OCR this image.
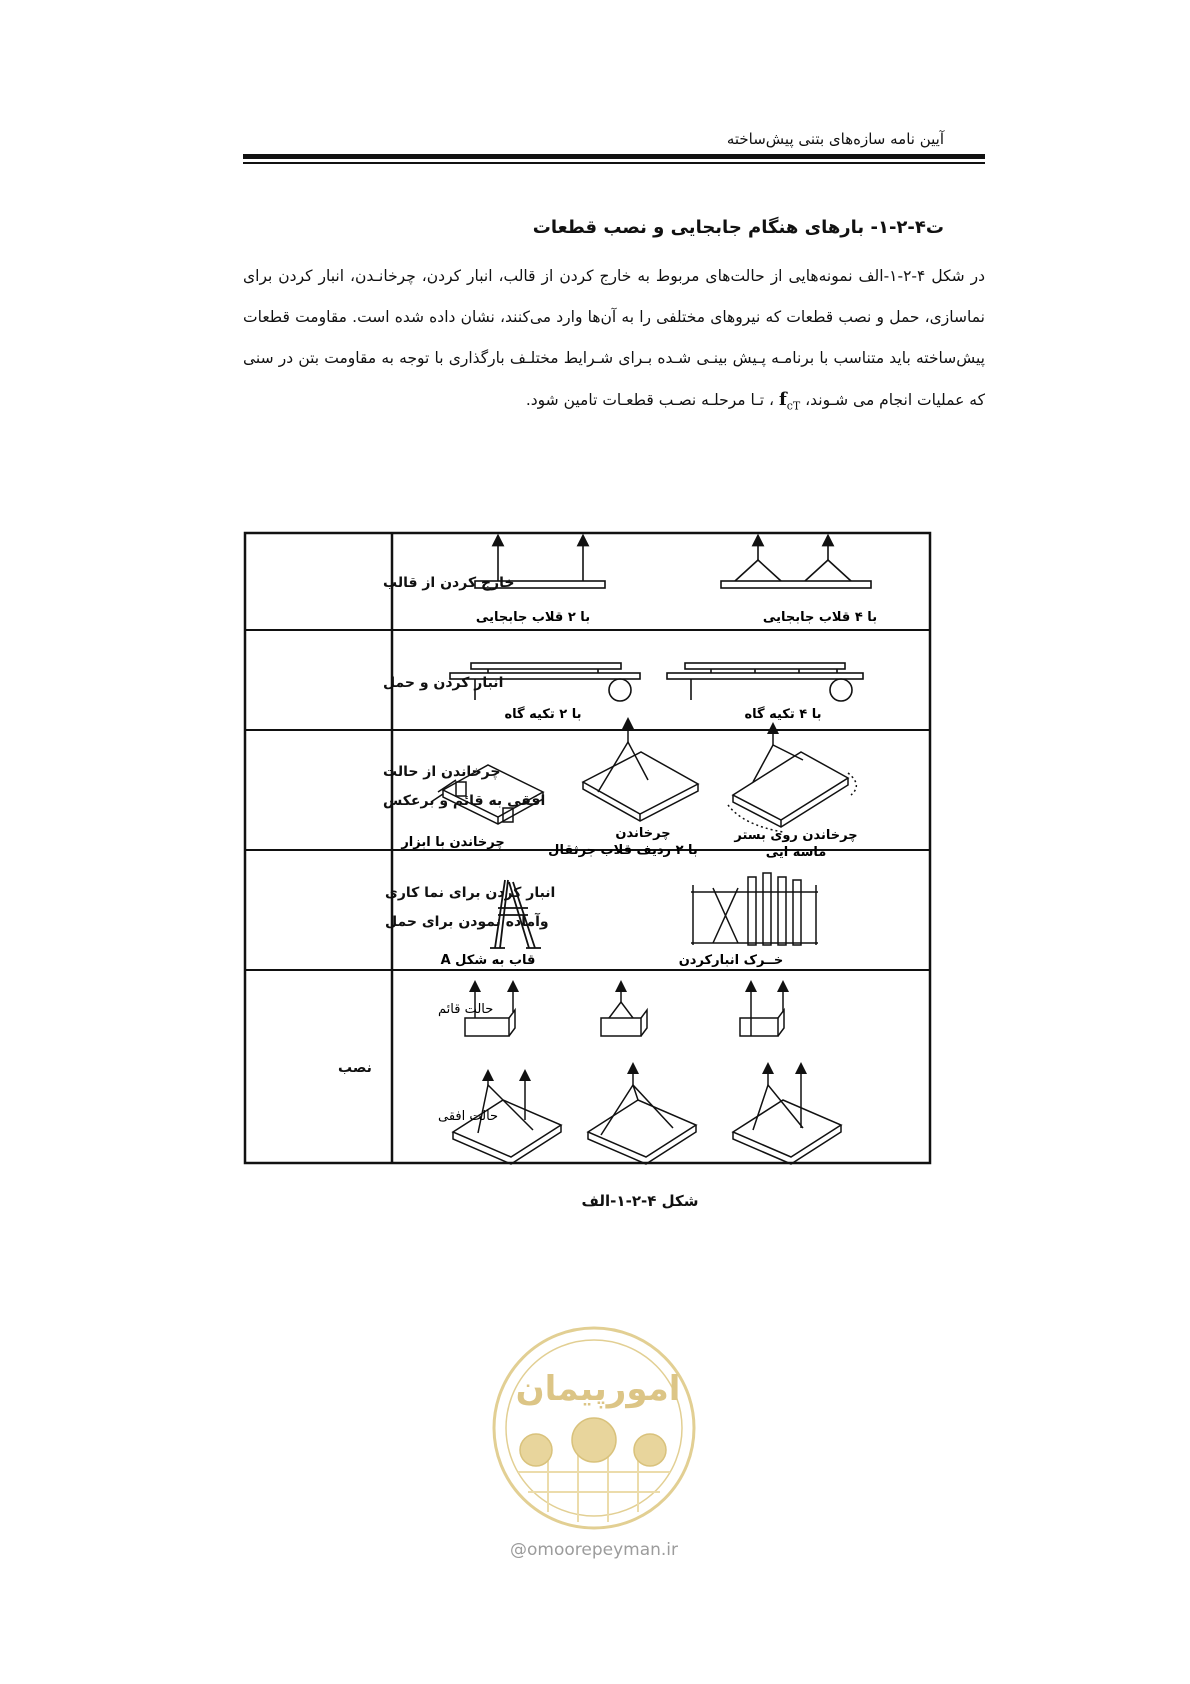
آیین نامه سازه‌های بتنی پیش‌ساخته
ت۴-۲-۱- بارهای هنگام جابجایی و نصب قطعات

در شکل ۴-۲-۱-الف نمونه‌هایی از حالت‌های مربوط به خارج کردن از قالب، انبار کردن، چرخانـدن، انبار کردن برای نماسازی، حمل و نصب قطعات که نیروهای مختلفی را به آن‌ها وارد می‌کنند، نشان داده شده است. مقاومت قطعات پیش‌ساخته باید متناسب با برنامـه پـیش بینـی شـده بـرای شـرایط مختلـف بارگذاری با توجه به مقاومت بتن در سنی که عملیات انجام می شـوند، $f_{cT}$ ، تـا مرحلـه نصـب قطعـات تامین شود.

خارج کردن از قالب
انبار کردن و حمل
چرخاندن از حالت
افقی به قائم و برعکس
انبار کردن برای نما کاری
وآماده نمودن برای حمل
نصب
با ۴ قلاب جابجایی
با ۲ قلاب جابجایی
با ۴ تکیه گاه
با ۲ تکیه گاه
چرخاندن روی بستر
ماسه ایی
چرخاندن
با ۲ ردیف قلاب جرثقال
چرخاندن با ابزار
خــرک انبارکردن
قاب به شکل A
حالت قائم
حالت افقی
شکل ۴-۲-۱-الف
امورپیمان
@omoorepeyman.ir
